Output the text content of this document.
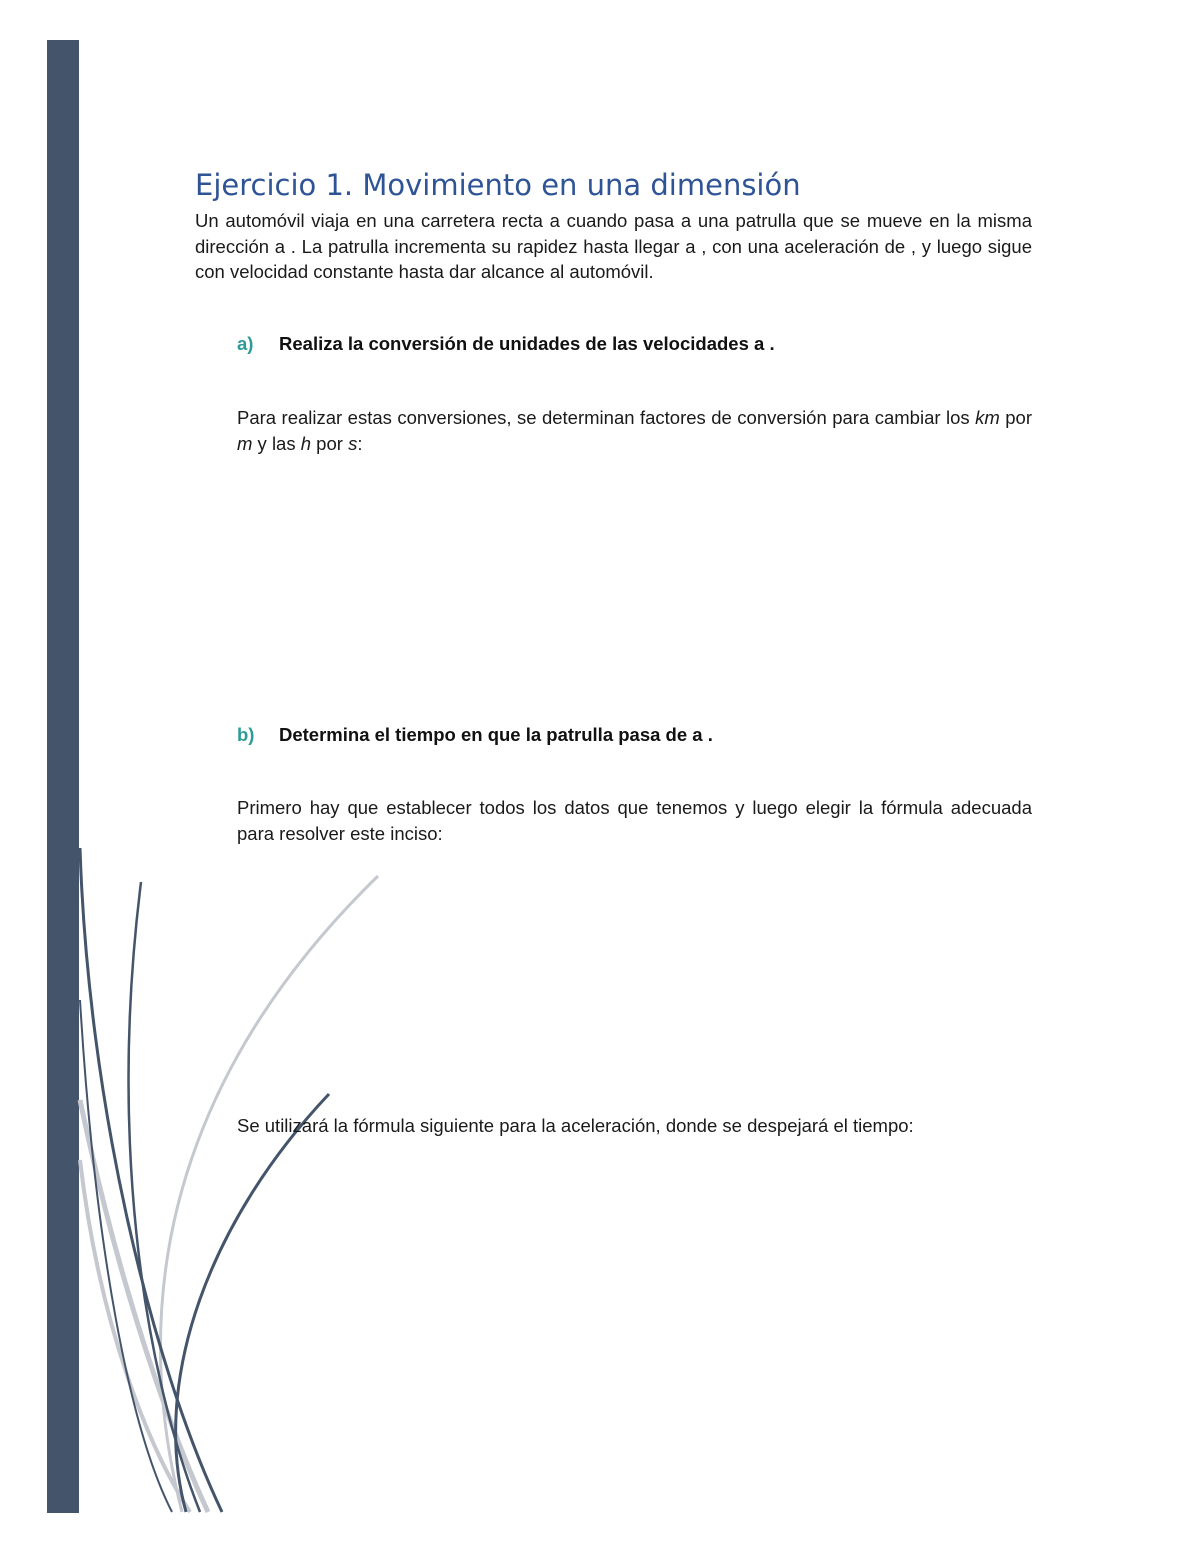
Ejercicio 1. Movimiento en una dimensión

Un automóvil viaja en una carretera recta a cuando pasa a una patrulla que se mueve en la misma dirección a . La patrulla incrementa su rapidez hasta llegar a , con una aceleración de , y luego sigue con velocidad constante hasta dar alcance al automóvil.

a) Realiza la conversión de unidades de las velocidades a .

Para realizar estas conversiones, se determinan factores de conversión para cambiar los km por m y las h por s:

b) Determina el tiempo en que la patrulla pasa de a .

Primero hay que establecer todos los datos que tenemos y luego elegir la fórmula adecuada para resolver este inciso:

Se utilizará la fórmula siguiente para la aceleración, donde se despejará el tiempo:
